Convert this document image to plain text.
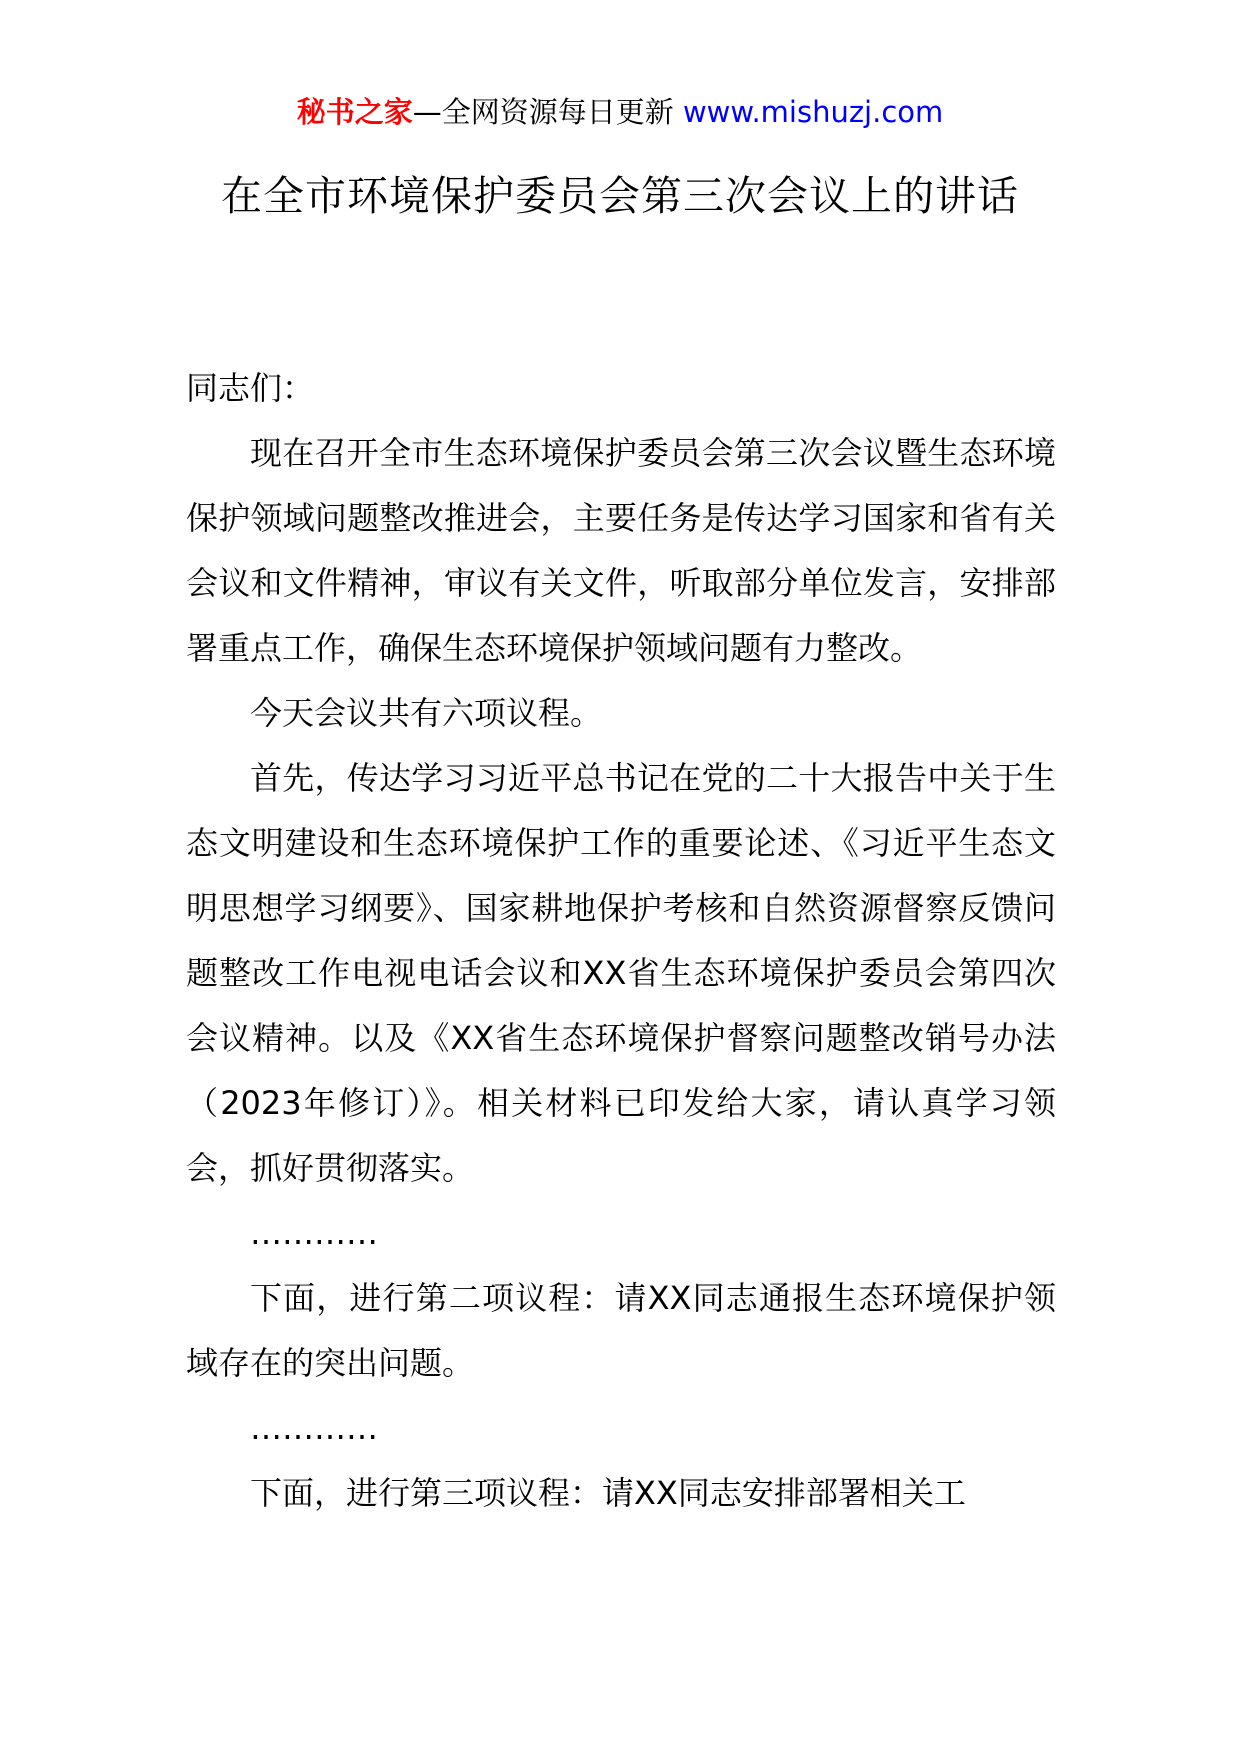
秘书之家—全网资源每日更新 www.mishuzj.com
在全市环境保护委员会第三次会议上的讲话

同志们：

现在召开全市生态环境保护委员会第三次会议暨生态环境保护领域问题整改推进会，主要任务是传达学习国家和省有关会议和文件精神，审议有关文件，听取部分单位发言，安排部署重点工作，确保生态环境保护领域问题有力整改。

今天会议共有六项议程。

首先，传达学习习近平总书记在党的二十大报告中关于生态文明建设和生态环境保护工作的重要论述、《习近平生态文明思想学习纲要》、国家耕地保护考核和自然资源督察反馈问题整改工作电视电话会议和XX省生态环境保护委员会第四次会议精神。以及《XX省生态环境保护督察问题整改销号办法（2023年修订）》。相关材料已印发给大家，请认真学习领会，抓好贯彻落实。

…………

下面，进行第二项议程：请XX同志通报生态环境保护领域存在的突出问题。

…………

下面，进行第三项议程：请XX同志安排部署相关工
